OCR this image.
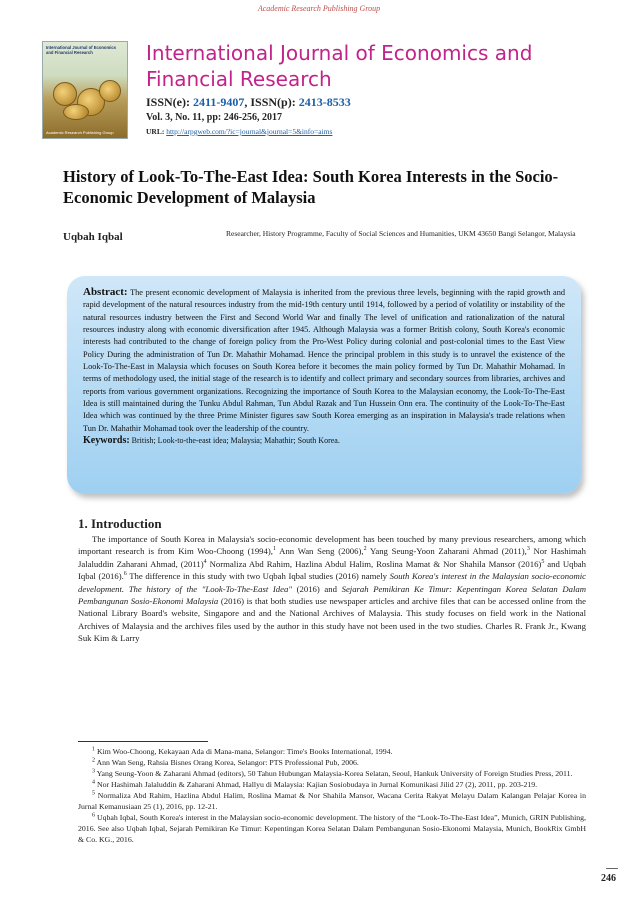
Academic Research Publishing Group
International Journal of Economics and Financial Research
Academic Research Publishing Group
International Journal of Economics and Financial Research
ISSN(e): 2411-9407, ISSN(p): 2413-8533
Vol. 3, No. 11, pp: 246-256, 2017
URL: http://arpgweb.com/?ic=journal&journal=5&info=aims
History of Look-To-The-East Idea: South Korea Interests in the Socio-Economic Development of Malaysia
Uqbah Iqbal	Researcher, History Programme, Faculty of Social Sciences and Humanities, UKM 43650 Bangi Selangor, Malaysia
Abstract: The present economic development of Malaysia is inherited from the previous three levels, beginning with the rapid growth and rapid development of the natural resources industry from the mid-19th century until 1914, followed by a period of volatility or instability of the natural resources industry between the First and Second World War and finally The level of unification and rationalization of the natural resources industry along with economic diversification after 1945. Although Malaysia was a former British colony, South Korea's economic interests had contributed to the change of foreign policy from the Pro-West Policy during colonial and post-colonial times to the East View Policy During the administration of Tun Dr. Mahathir Mohamad. Hence the principal problem in this study is to unravel the existence of the Look-To-The-East in Malaysia which focuses on South Korea before it becomes the main policy formed by Tun Dr. Mahathir Mohamad. In terms of methodology used, the initial stage of the research is to identify and collect primary and secondary sources from libraries, archives and reports from various government organizations. Recognizing the importance of South Korea to the Malaysian economy, the Look-To-The-East Idea is still maintained during the Tunku Abdul Rahman, Tun Abdul Razak and Tun Hussein Onn era. The continuity of the Look-To-The-East Idea which was continued by the three Prime Minister figures saw South Korea emerging as an inspiration in Malaysia's trade relations when Tun Dr. Mahathir Mohamad took over the leadership of the country.
Keywords: British; Look-to-the-east idea; Malaysia; Mahathir; South Korea.
1. Introduction
The importance of South Korea in Malaysia's socio-economic development has been touched by many previous researchers, among which important research is from Kim Woo-Choong (1994),$^1$ Ann Wan Seng (2006),$^2$ Yang Seung-Yoon Zaharani Ahmad (2011),$^3$ Nor Hashimah Jalaluddin Zaharani Ahmad, $(2011)^4$ Normaliza Abd Rahim, Hazlina Abdul Halim, Roslina Mamat & Nor Shahila Mansor $(2016)^5$ and Uqbah Iqbal (2016).$^6$ The difference in this study with two Uqbah Iqbal studies (2016) namely South Korea's interest in the Malaysian socio-economic development. The history of the "Look-To-The-East Idea" (2016) and Sejarah Pemikiran Ke Timur: Kepentingan Korea Selatan Dalam Pembangunan Sosio-Ekonomi Malaysia (2016) is that both studies use newspaper articles and archive files that can be accessed online from the National Library Board's website, Singapore and and the National Archives of Malaysia. This study focuses on field work in the National Archives of Malaysia and the archives files used by the author in this study have not been used in the two studies. Charles R. Frank Jr., Kwang Suk Kim & Larry

$^1$ Kim Woo-Choong, Kekayaan Ada di Mana-mana, Selangor: Time's Books International, 1994.

$^2$ Ann Wan Seng, Rahsia Bisnes Orang Korea, Selangor: PTS Professional Pub, 2006.

$^3$ Yang Seung-Yoon & Zaharani Ahmad (editors), 50 Tahun Hubungan Malaysia-Korea Selatan, Seoul, Hankuk University of Foreign Studies Press, 2011.

$^4$ Nor Hashimah Jalaluddin & Zaharani Ahmad, Hallyu di Malaysia: Kajian Sosiobudaya in Jurnal Komunikasi Jilid 27 (2), 2011, pp. 203-219.

$^5$ Normaliza Abd Rahim, Hazlina Abdul Halim, Roslina Mamat & Nor Shahila Mansor, Wacana Cerita Rakyat Melayu Dalam Kalangan Pelajar Korea in Jurnal Kemanusiaan 25 (1), 2016, pp. 12-21.

$^6$ Uqbah Iqbal, South Korea's interest in the Malaysian socio-economic development. The history of the “Look-To-The-East Idea”, Munich, GRIN Publishing, 2016. See also Uqbah Iqbal, Sejarah Pemikiran Ke Timur: Kepentingan Korea Selatan Dalam Pembangunan Sosio-Ekonomi Malaysia, Munich, BookRix GmbH & Co. KG., 2016.

246
